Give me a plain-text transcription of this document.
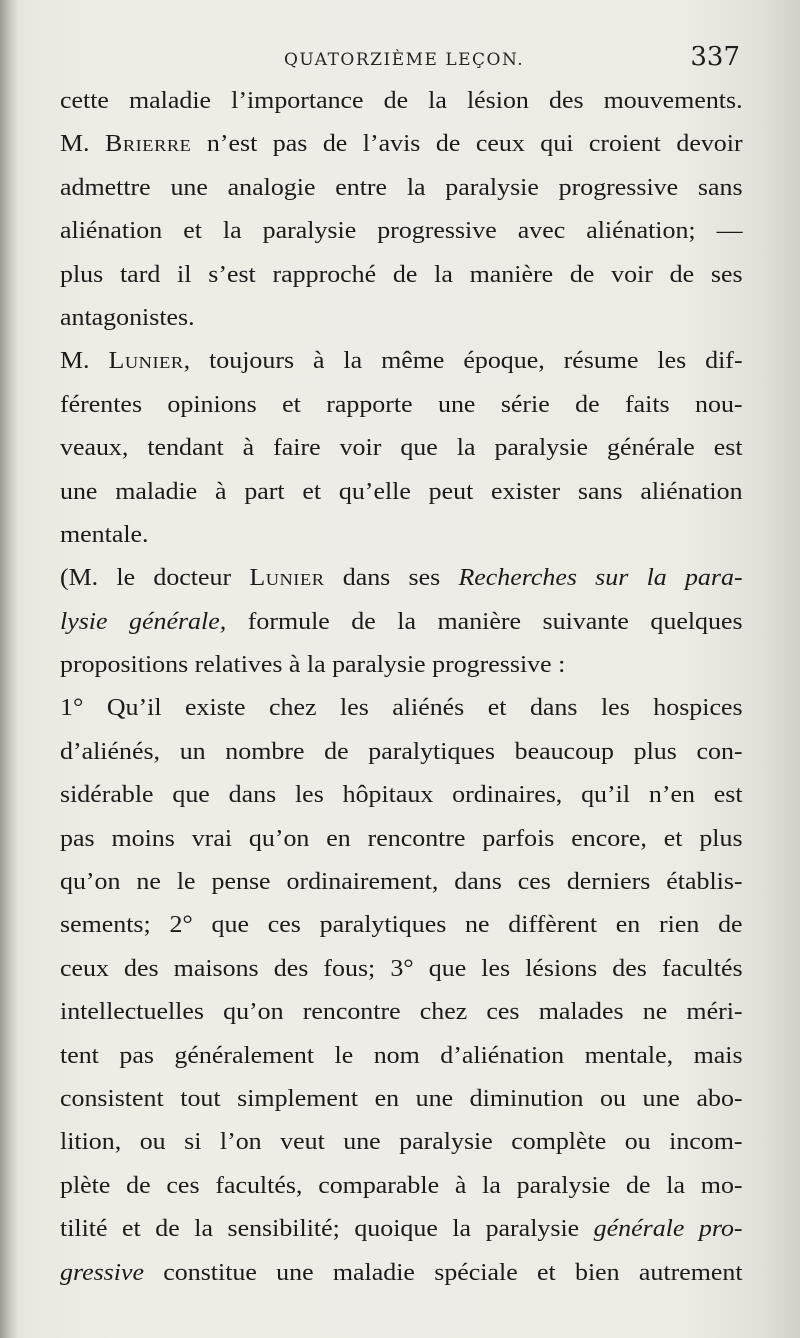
QUATORZIÈME LEÇON.	337
cette maladie l’importance de la lésion des mouvements.
M. Brierre n’est pas de l’avis de ceux qui croient devoir
admettre une analogie entre la paralysie progressive sans
aliénation et la paralysie progressive avec aliénation; —
plus tard il s’est rapproché de la manière de voir de ses
antagonistes.
M. Lunier, toujours à la même époque, résume les dif-
férentes opinions et rapporte une série de faits nou-
veaux, tendant à faire voir que la paralysie générale est
une maladie à part et qu’elle peut exister sans aliénation
mentale.
(M. le docteur Lunier dans ses Recherches sur la para-
lysie générale, formule de la manière suivante quelques
propositions relatives à la paralysie progressive :
1° Qu’il existe chez les aliénés et dans les hospices
d’aliénés, un nombre de paralytiques beaucoup plus con-
sidérable que dans les hôpitaux ordinaires, qu’il n’en est
pas moins vrai qu’on en rencontre parfois encore, et plus
qu’on ne le pense ordinairement, dans ces derniers établis-
sements; 2° que ces paralytiques ne diffèrent en rien de
ceux des maisons des fous; 3° que les lésions des facultés
intellectuelles qu’on rencontre chez ces malades ne méri-
tent pas généralement le nom d’aliénation mentale, mais
consistent tout simplement en une diminution ou une abo-
lition, ou si l’on veut une paralysie complète ou incom-
plète de ces facultés, comparable à la paralysie de la mo-
tilité et de la sensibilité; quoique la paralysie générale pro-
gressive constitue une maladie spéciale et bien autrement
